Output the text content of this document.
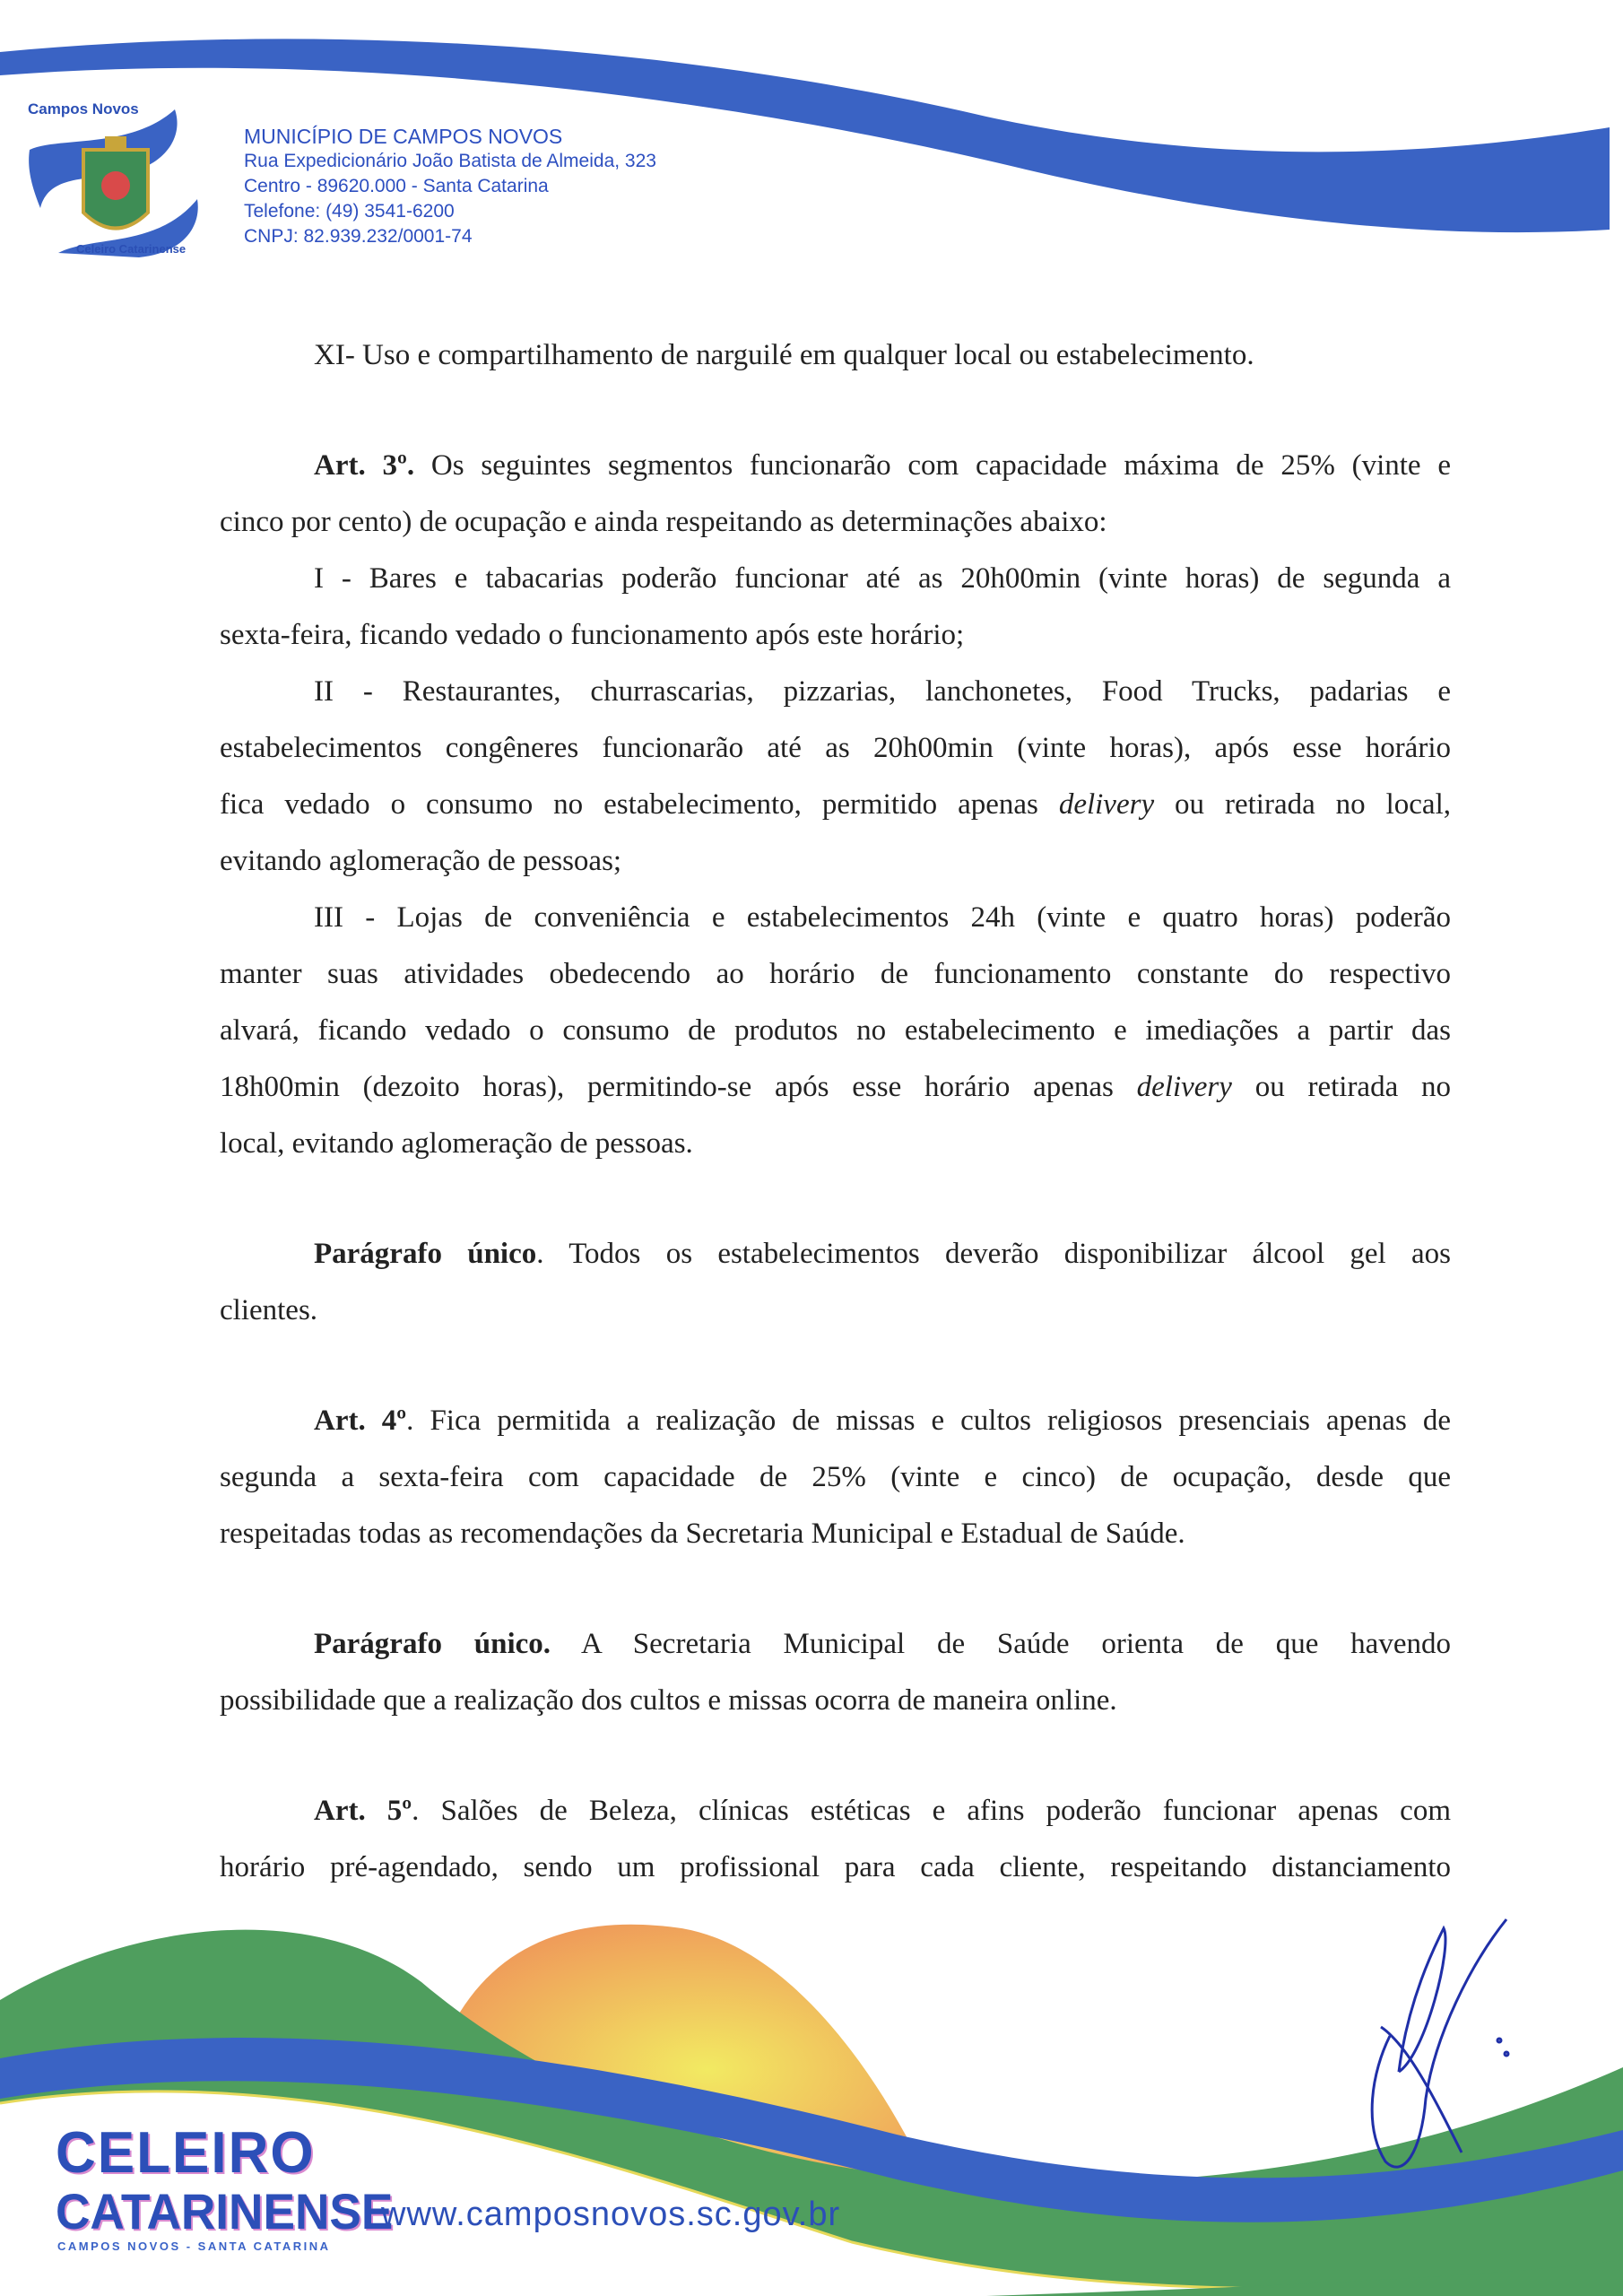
Campos Novos
Celeiro Catarinense
MUNICÍPIO DE CAMPOS NOVOS
Rua Expedicionário João Batista de Almeida, 323
Centro - 89620.000 - Santa Catarina
Telefone: (49) 3541-6200
CNPJ: 82.939.232/0001-74
XI- Uso e compartilhamento de narguilé em qualquer local ou estabelecimento.
Art. 3º. Os seguintes segmentos funcionarão com capacidade máxima de 25% (vinte e
cinco por cento) de ocupação e ainda respeitando as determinações abaixo:
I - Bares e tabacarias poderão funcionar até as 20h00min (vinte horas) de segunda a
sexta-feira, ficando vedado o funcionamento após este horário;
II - Restaurantes, churrascarias, pizzarias, lanchonetes, Food Trucks, padarias e
estabelecimentos congêneres funcionarão até as 20h00min (vinte horas), após esse horário
fica vedado o consumo no estabelecimento, permitido apenas delivery ou retirada no local,
evitando aglomeração de pessoas;
III - Lojas de conveniência e estabelecimentos 24h (vinte e quatro horas) poderão
manter suas atividades obedecendo ao horário de funcionamento constante do respectivo
alvará, ficando vedado o consumo de produtos no estabelecimento e imediações a partir das
18h00min (dezoito horas), permitindo-se após esse horário apenas delivery ou retirada no
local, evitando aglomeração de pessoas.
Parágrafo único. Todos os estabelecimentos deverão disponibilizar álcool gel aos
clientes.
Art. 4º. Fica permitida a realização de missas e cultos religiosos presenciais apenas de
segunda a sexta-feira com capacidade de 25% (vinte e cinco) de ocupação, desde que
respeitadas todas as recomendações da Secretaria Municipal e Estadual de Saúde.
Parágrafo único. A Secretaria Municipal de Saúde orienta de que havendo
possibilidade que a realização dos cultos e missas ocorra de maneira online.
Art. 5º. Salões de Beleza, clínicas estéticas e afins poderão funcionar apenas com
horário pré-agendado, sendo um profissional para cada cliente, respeitando distanciamento
CELEIRO
CATARINENSE
CAMPOS NOVOS - SANTA CATARINA
www.camposnovos.sc.gov.br
